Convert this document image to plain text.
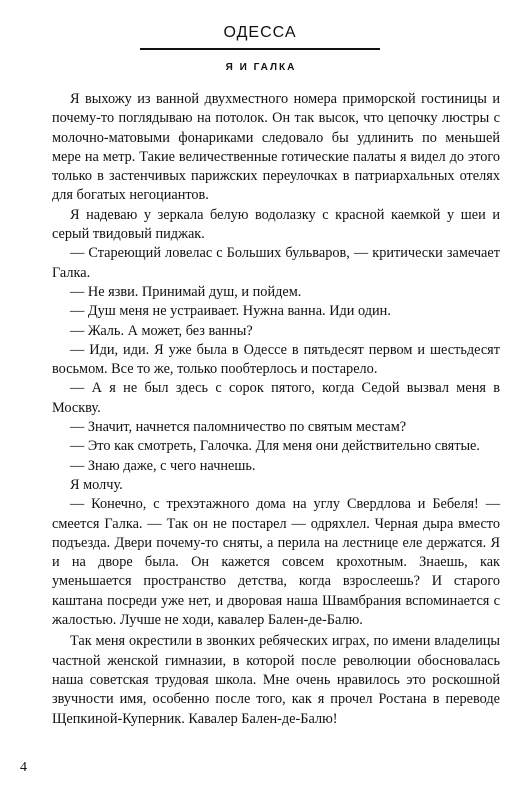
ОДЕССА
Я И ГАЛКА

Я выхожу из ванной двухместного номера приморской гостиницы и почему-то поглядываю на потолок. Он так высок, что цепочку люстры с молочно-матовыми фонариками следовало бы удлинить по меньшей мере на метр. Такие величественные готические палаты я видел до этого только в застенчивых парижских переулочках в патриархальных отелях для богатых негоциантов.

Я надеваю у зеркала белую водолазку с красной каемкой у шеи и серый твидовый пиджак.

— Стареющий ловелас с Больших бульваров, — критически замечает Галка.

— Не язви. Принимай душ, и пойдем.

— Душ меня не устраивает. Нужна ванна. Иди один.

— Жаль. А может, без ванны?

— Иди, иди. Я уже была в Одессе в пятьдесят первом и шестьдесят восьмом. Все то же, только пообтерлось и постарело.

— А я не был здесь с сорок пятого, когда Седой вызвал меня в Москву.

— Значит, начнется паломничество по святым местам?

— Это как смотреть, Галочка. Для меня они действительно святые.

— Знаю даже, с чего начнешь.

Я молчу.

— Конечно, с трехэтажного дома на углу Свердлова и Бебеля! — смеется Галка. — Так он не постарел — одряхлел. Черная дыра вместо подъезда. Двери почему-то сняты, а перила на лестнице еле держатся. Я и на дворе была. Он кажется совсем крохотным. Знаешь, как уменьшается пространство детства, когда взрослеешь? И старого каштана посреди уже нет, и дворовая наша Швамбрания вспоминается с жалостью. Лучше не ходи, кавалер Бален-де-Балю.

Так меня окрестили в звонких ребяческих играх, по имени владелицы частной женской гимназии, в которой после революции обосновалась наша советская трудовая школа. Мне очень нравилось это роскошной звучности имя, особенно после того, как я прочел Ростана в переводе Щепкиной-Куперник. Кавалер Бален-де-Балю!

4
